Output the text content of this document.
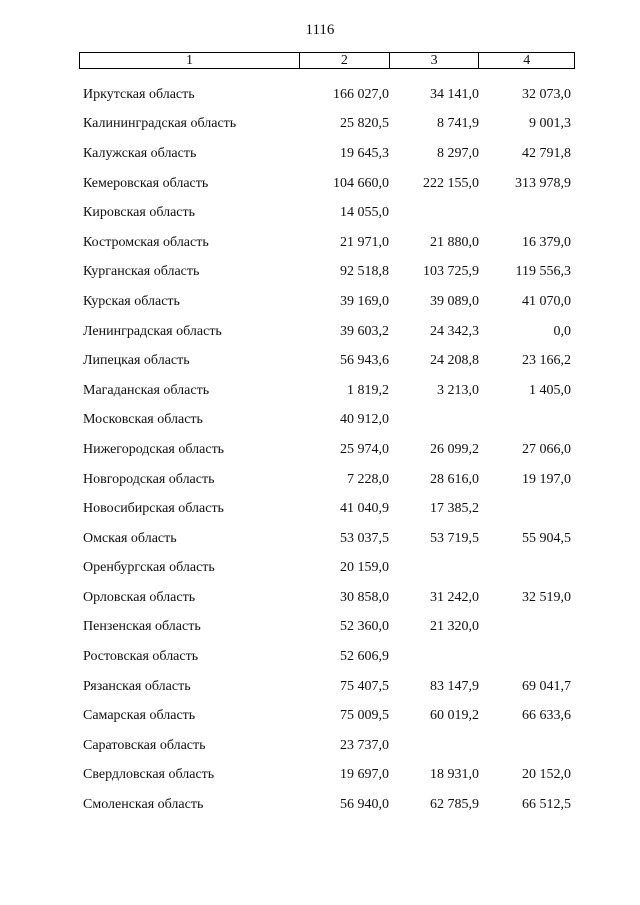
1116
1	2	3	4
Иркутская область	166 027,0	34 141,0	32 073,0
Калининградская область	25 820,5	8 741,9	9 001,3
Калужская область	19 645,3	8 297,0	42 791,8
Кемеровская область	104 660,0	222 155,0	313 978,9
Кировская область	14 055,0
Костромская область	21 971,0	21 880,0	16 379,0
Курганская область	92 518,8	103 725,9	119 556,3
Курская область	39 169,0	39 089,0	41 070,0
Ленинградская область	39 603,2	24 342,3	0,0
Липецкая область	56 943,6	24 208,8	23 166,2
Магаданская область	1 819,2	3 213,0	1 405,0
Московская область	40 912,0
Нижегородская область	25 974,0	26 099,2	27 066,0
Новгородская область	7 228,0	28 616,0	19 197,0
Новосибирская область	41 040,9	17 385,2
Омская область	53 037,5	53 719,5	55 904,5
Оренбургская область	20 159,0
Орловская область	30 858,0	31 242,0	32 519,0
Пензенская область	52 360,0	21 320,0
Ростовская область	52 606,9
Рязанская область	75 407,5	83 147,9	69 041,7
Самарская область	75 009,5	60 019,2	66 633,6
Саратовская область	23 737,0
Свердловская область	19 697,0	18 931,0	20 152,0
Смоленская область	56 940,0	62 785,9	66 512,5
